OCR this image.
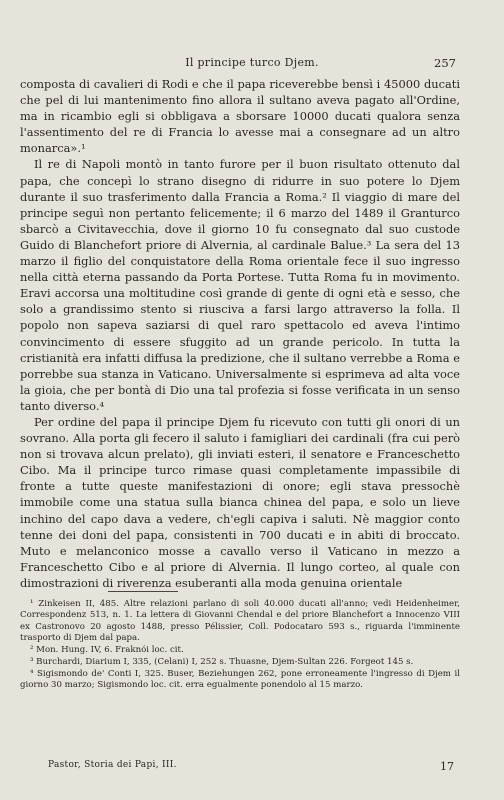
Il principe turco Djem.	257

composta di cavalieri di Rodi e che il papa riceverebbe bensì i 45000 ducati che pel di lui mantenimento fino allora il sultano aveva pagato all'Ordine, ma in ricambio egli si obbligava a sborsare 10000 ducati qualora senza l'assentimento del re di Francia lo avesse mai a consegnare ad un altro monarca».¹

Il re di Napoli montò in tanto furore per il buon risultato ottenuto dal papa, che concepì lo strano disegno di ridurre in suo potere lo Djem durante il suo trasferimento dalla Francia a Roma.² Il viaggio di mare del principe seguì non pertanto felicemente; il 6 marzo del 1489 il Granturco sbarcò a Civitavecchia, dove il giorno 10 fu consegnato dal suo custode Guido di Blanchefort priore di Alvernia, al cardinale Balue.³ La sera del 13 marzo il figlio del conquistatore della Roma orientale fece il suo ingresso nella città eterna passando da Porta Portese. Tutta Roma fu in movimento. Eravi accorsa una moltitudine così grande di gente di ogni età e sesso, che solo a grandissimo stento si riusciva a farsi largo attraverso la folla. Il popolo non sapeva saziarsi di quel raro spettacolo ed aveva l'intimo convincimento di essere sfuggito ad un grande pericolo. In tutta la cristianità era infatti diffusa la predizione, che il sultano verrebbe a Roma e porrebbe sua stanza in Vaticano. Universalmente si esprimeva ad alta voce la gioia, che per bontà di Dio una tal profezia si fosse verificata in un senso tanto diverso.⁴

Per ordine del papa il principe Djem fu ricevuto con tutti gli onori di un sovrano. Alla porta gli fecero il saluto i famigliari dei cardinali (fra cui però non si trovava alcun prelato), gli inviati esteri, il senatore e Franceschetto Cibo. Ma il principe turco rimase quasi completamente impassibile di fronte a tutte queste manifestazioni di onore; egli stava pressochè immobile come una statua sulla bianca chinea del papa, e solo un lieve inchino del capo dava a vedere, ch'egli capiva i saluti. Nè maggior conto tenne dei doni del papa, consistenti in 700 ducati e in abiti di broccato. Muto e melanconico mosse a cavallo verso il Vaticano in mezzo a Franceschetto Cibo e al priore di Alvernia. Il lungo corteo, al quale con dimostrazioni di riverenza esuberanti alla moda genuina orientale

¹ Zinkeisen II, 485. Altre relazioni parlano di soli 40.000 ducati all'anno; vedi Heidenheimer, Correspondenz 513, n. 1. La lettera di Giovanni Chendal e del priore Blanchefort a Innocenzo VIII ex Castronovo 20 agosto 1488, presso Pélissier, Coll. Podocataro 593 s., riguarda l'imminente trasporto di Djem dal papa.

² Mon. Hung. IV, 6. Fraknói loc. cit.

³ Burchardi, Diarium I, 335, (Celani) I, 252 s. Thuasne, Djem-Sultan 226. Forgeot 145 s.

⁴ Sigismondo de' Conti I, 325. Buser, Beziehungen 262, pone erroneamente l'ingresso di Djem il giorno 30 marzo; Sigismondo loc. cit. erra egualmente ponendolo al 15 marzo.

Pastor, Storia dei Papi, III.	17
